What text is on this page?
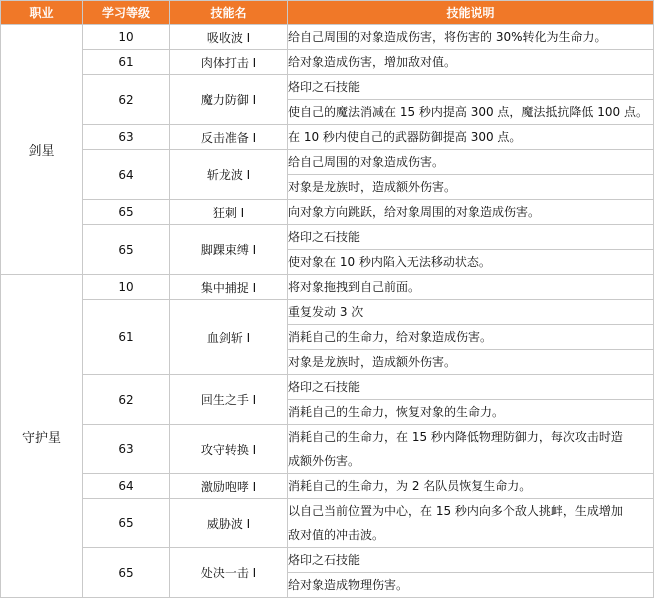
职业	学习等级	技能名	技能说明
剑星	10	吸收波 I	给自己周围的对象造成伤害，将伤害的 30%转化为生命力。

	61	肉体打击 I	给对象造成伤害，增加敌对值。

	62	魔力防御 I	烙印之石技能
使自己的魔法消减在 15 秒内提高 300 点，魔法抵抗降低 100 点。

	63	反击准备 I	在 10 秒内使自己的武器防御提高 300 点。

	64	斩龙波 I	给自己周围的对象造成伤害。
对象是龙族时，造成额外伤害。

	65	狂刺 I	向对象方向跳跃，给对象周围的对象造成伤害。

	65	脚踝束缚 I	烙印之石技能
使对象在 10 秒内陷入无法移动状态。

守护星	10	集中捕捉 I	将对象拖拽到自己前面。

	61	血剑斩 I	重复发动 3 次
消耗自己的生命力，给对象造成伤害。
对象是龙族时，造成额外伤害。

	62	回生之手 I	烙印之石技能
消耗自己的生命力，恢复对象的生命力。

	63	攻守转换 I	消耗自己的生命力，在 15 秒内降低物理防御力，每次攻击时造
成额外伤害。

	64	激励咆哮 I	消耗自己的生命力，为 2 名队员恢复生命力。

	65	威胁波 I	以自己当前位置为中心，在 15 秒内向多个敌人挑衅，生成增加
敌对值的冲击波。

	65	处决一击 I	烙印之石技能
给对象造成物理伤害。
